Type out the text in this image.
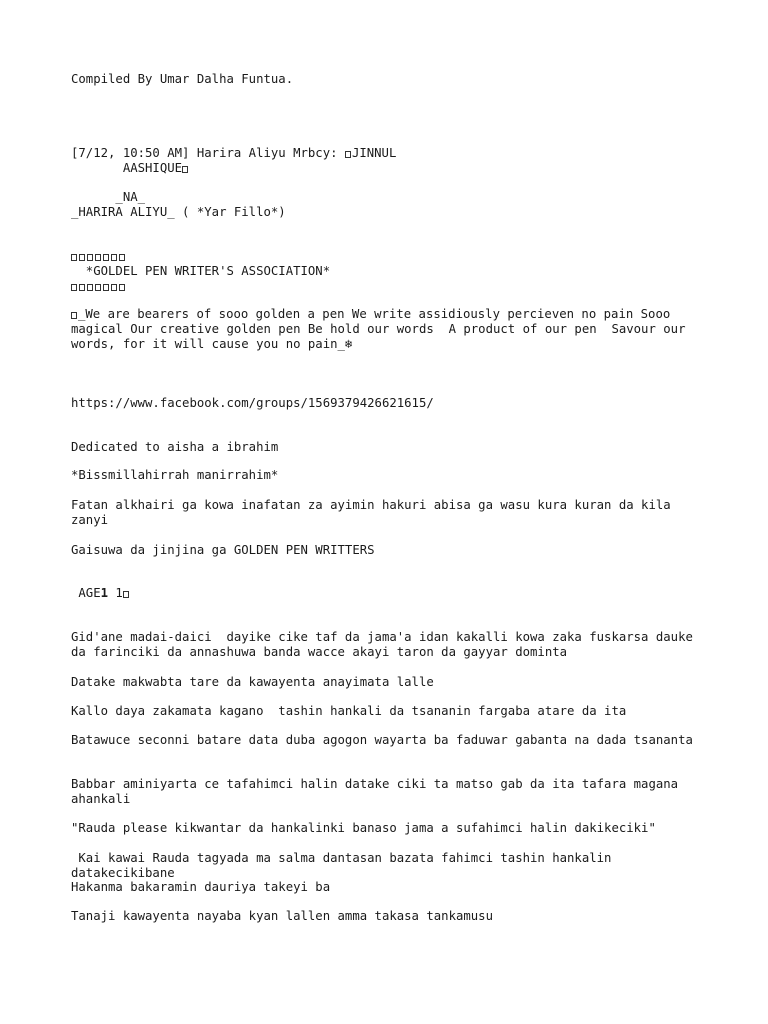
Compiled By Umar Dalha Funtua.
[7/12, 10:50 AM] Harira Aliyu Mrbcy: JINNUL
AASHIQUE
_NA_
_HARIRA ALIYU_ ( *Yar Fillo*)
*GOLDEL PEN WRITER'S ASSOCIATION*
_We are bearers of sooo golden a pen We write assidiously percieven no pain Sooo magical Our creative golden pen Be hold our words  A product of our pen  Savour our words, for it will cause you no pain_❄
https://www.facebook.com/groups/1569379426621615/
Dedicated to aisha a ibrahim
*Bissmillahirrah manirrahim*
Fatan alkhairi ga kowa inafatan za ayimin hakuri abisa ga wasu kura kuran da kila zanyi
Gaisuwa da jinjina ga GOLDEN PEN WRITTERS
AGE1 1
Gid'ane madai-daici  dayike cike taf da jama'a idan kakalli kowa zaka fuskarsa dauke da farinciki da annashuwa banda wacce akayi taron da gayyar dominta
Datake makwabta tare da kawayenta anayimata lalle
Kallo daya zakamata kagano  tashin hankali da tsananin fargaba atare da ita
Batawuce seconni batare data duba agogon wayarta ba faduwar gabanta na dada tsananta
Babbar aminiyarta ce tafahimci halin datake ciki ta matso gab da ita tafara magana ahankali
"Rauda please kikwantar da hankalinki banaso jama a sufahimci halin dakikeciki"
Kai kawai Rauda tagyada ma salma dantasan bazata fahimci tashin hankalin datakecikibane
Hakanma bakaramin dauriya takeyi ba
Tanaji kawayenta nayaba kyan lallen amma takasa tankamusu
